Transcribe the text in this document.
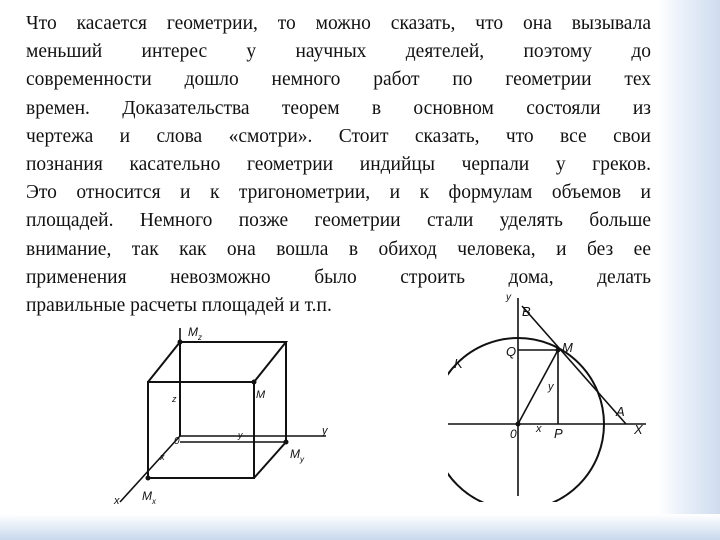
Что касается геометрии, то можно сказать, что она вызывала
меньший интерес у научных деятелей, поэтому до
современности дошло немного работ по геометрии тех
времен. Доказательства теорем в основном состояли из
чертежа и слова «смотри». Стоит сказать, что все свои
познания касательно геометрии индийцы черпали у греков.
Это относится и к тригонометрии, и к формулам объемов и
площадей. Немного позже геометрии стали уделять больше
внимание, так как она вошла в обиход человека, и без ее
применения невозможно было строить дома, делать
правильные расчеты площадей и т.п.
M z
M
z
y
x
0
y
M y
x M x
y
B
Q	M
K
y
A
X
0 x P
